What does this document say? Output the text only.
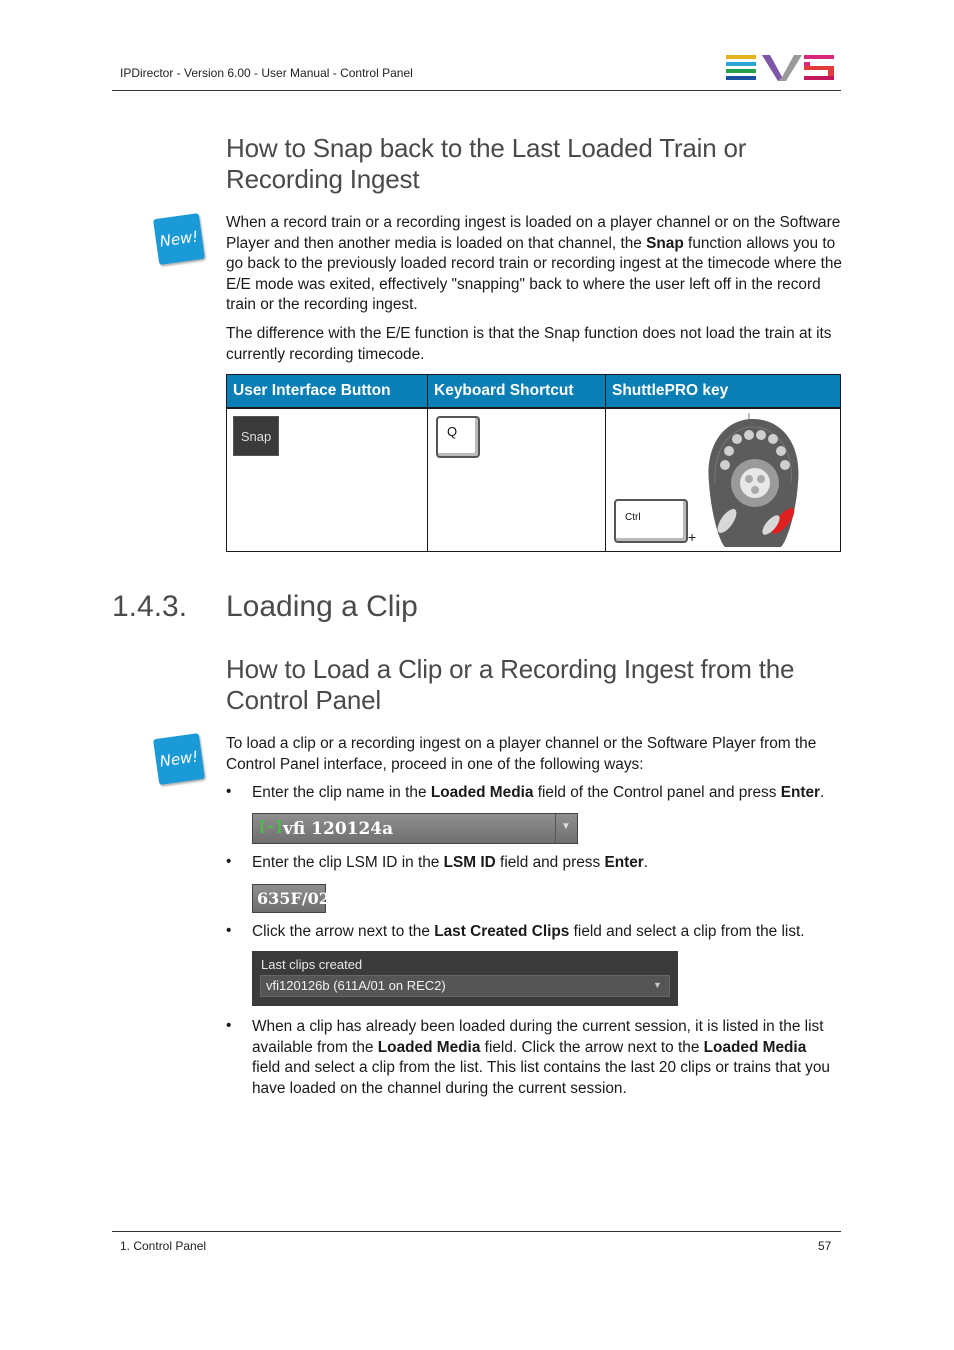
IPDirector - Version 6.00 - User Manual - Control Panel
How to Snap back to the Last Loaded Train or
Recording Ingest
New!

When a record train or a recording ingest is loaded on a player channel or on the Software
Player and then another media is loaded on that channel, the Snap function allows you to
go back to the previously loaded record train or recording ingest at the timecode where the
E/E mode was exited, effectively "snapping" back to where the user left off in the record
train or the recording ingest.

The difference with the E/E function is that the Snap function does not load the train at its
currently recording timecode.

User Interface Button	Keyboard Shortcut	ShuttlePRO key

Snap	Q	Ctrl
+
1.4.3. Loading a Clip
How to Load a Clip or a Recording Ingest from the
Control Panel
New!

To load a clip or a recording ingest on a player channel or the Software Player from the
Control Panel interface, proceed in one of the following ways:

• Enter the clip name in the Loaded Media field of the Control panel and press Enter.
[-] vfi 120124a	▼
• Enter the clip LSM ID in the LSM ID field and press Enter.
635F/02
• Click the arrow next to the Last Created Clips field and select a clip from the list.
Last clips created
vfi120126b (611A/01 on REC2)	▼
• When a clip has already been loaded during the current session, it is listed in the list
available from the Loaded Media field. Click the arrow next to the Loaded Media
field and select a clip from the list. This list contains the last 20 clips or trains that you
have loaded on the channel during the current session.
1. Control Panel	57
